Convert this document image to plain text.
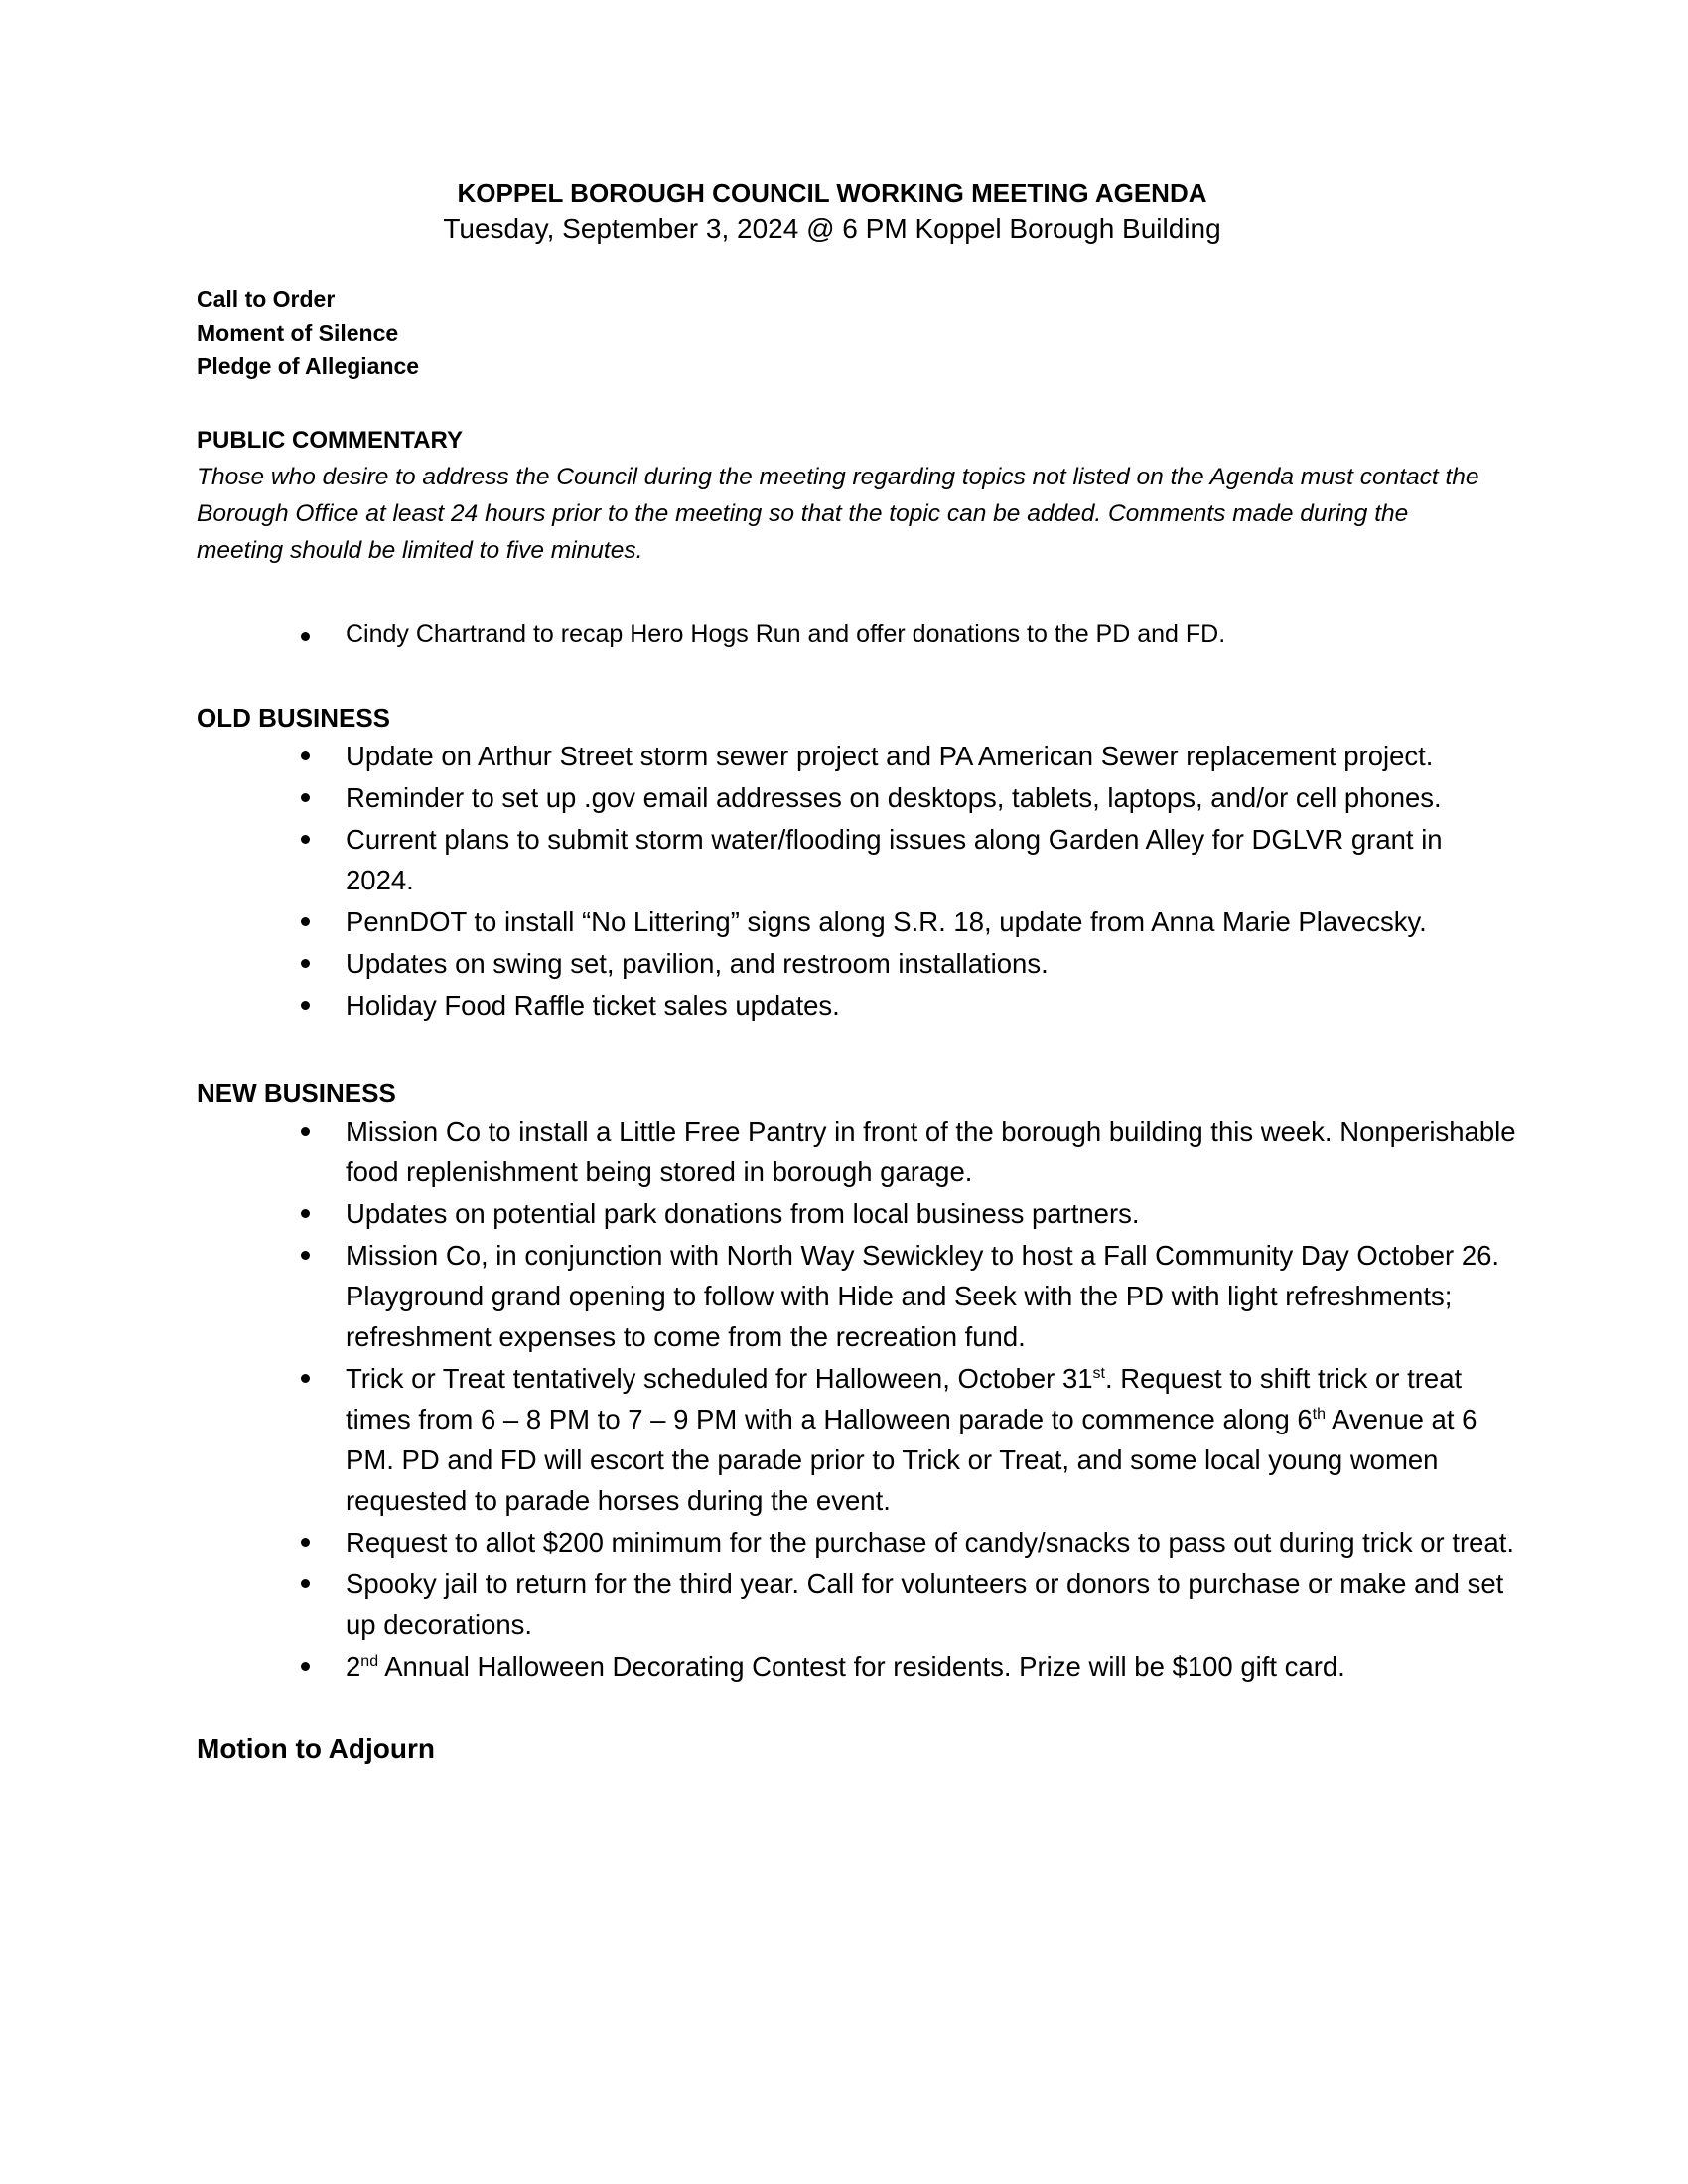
KOPPEL BOROUGH COUNCIL WORKING MEETING AGENDA
Tuesday, September 3, 2024 @ 6 PM Koppel Borough Building
Call to Order
Moment of Silence
Pledge of Allegiance
PUBLIC COMMENTARY
Those who desire to address the Council during the meeting regarding topics not listed on the Agenda must contact the Borough Office at least 24 hours prior to the meeting so that the topic can be added. Comments made during the meeting should be limited to five minutes.
Cindy Chartrand to recap Hero Hogs Run and offer donations to the PD and FD.
OLD BUSINESS
Update on Arthur Street storm sewer project and PA American Sewer replacement project.
Reminder to set up .gov email addresses on desktops, tablets, laptops, and/or cell phones.
Current plans to submit storm water/flooding issues along Garden Alley for DGLVR grant in 2024.
PennDOT to install “No Littering” signs along S.R. 18, update from Anna Marie Plavecsky.
Updates on swing set, pavilion, and restroom installations.
Holiday Food Raffle ticket sales updates.
NEW BUSINESS
Mission Co to install a Little Free Pantry in front of the borough building this week. Nonperishable food replenishment being stored in borough garage.
Updates on potential park donations from local business partners.
Mission Co, in conjunction with North Way Sewickley to host a Fall Community Day October 26. Playground grand opening to follow with Hide and Seek with the PD with light refreshments; refreshment expenses to come from the recreation fund.
Trick or Treat tentatively scheduled for Halloween, October 31st. Request to shift trick or treat times from 6 – 8 PM to 7 – 9 PM with a Halloween parade to commence along 6th Avenue at 6 PM. PD and FD will escort the parade prior to Trick or Treat, and some local young women requested to parade horses during the event.
Request to allot $200 minimum for the purchase of candy/snacks to pass out during trick or treat.
Spooky jail to return for the third year. Call for volunteers or donors to purchase or make and set up decorations.
2nd Annual Halloween Decorating Contest for residents. Prize will be $100 gift card.
Motion to Adjourn
